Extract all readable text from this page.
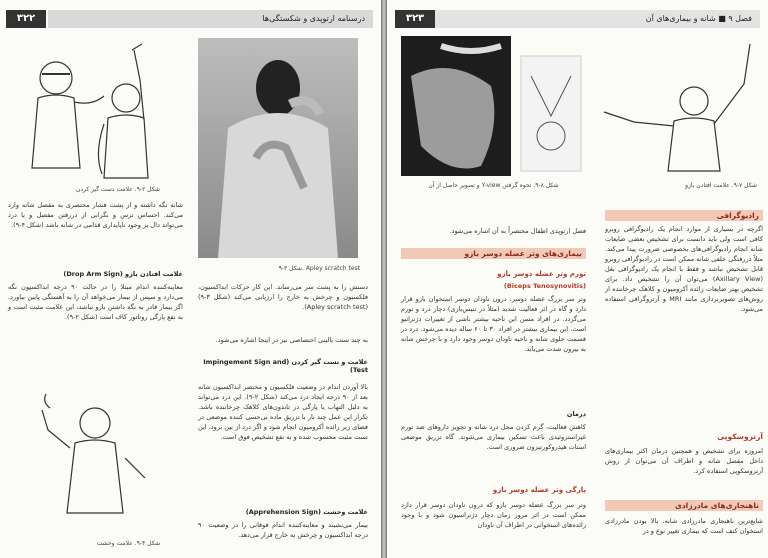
درسنامه ارتوپدی و شکستگی‌ها
۳۲۲
شکل ۲-۹. علامت دست گیر کردن
شکل ۳-۹. Apley scratch test

شانه نگه داشته و از پشت فشار مختصری به مفصل شانه وارد می‌کند. احساس ترس و نگرانی از دررفتن مفصل و یا درد می‌تواند دال بر وجود ناپایداری قدامی در شانه باشد (شکل ۴-۹).

علامت افتادن بازو (Drop Arm Sign)

معاینه‌کننده اندام مبتلا را در حالت ۹۰ درجه ابداکسیون نگه می‌دارد و سپس از بیمار می‌خواهد آن را به آهستگی پایین بیاورد. اگر بیمار قادر به نگه داشتن بازو نباشد، این علامت مثبت است و به نفع پارگی روتاتور کاف است (شکل ۲-۹).

دستش را به پشت سر می‌رساند. این کار حرکات ابداکسیون، فلکسیون و چرخش به خارج را ارزیابی می‌کند (شکل ۳-۹) (Apley scratch test).

به چند تست بالینی اختصاصی نیز در اینجا اشاره می‌شود.

علامت و تست گیر کردن (Impingement Sign and Test)

بالا آوردن اندام در وضعیت فلکسیون و مختصر ابداکسیون شانه بعد از ۹۰ درجه ایجاد درد می‌کند (شکل ۲-۹). این درد می‌تواند به دلیل التهاب یا پارگی در تاندون‌های کلاهک چرخاننده باشد. تکرار این عمل چند بار با تزریق ماده بی‌حسی کننده موضعی در فضای زیر زائده آکرومیون انجام شود و اگر درد از بین برود، این تست مثبت محسوب شده و به نفع تشخیص فوق است.

علامت وحشت (Apprehension Sign)

بیمار می‌نشیند و معاینه‌کننده اندام فوقانی را در وضعیت ۹۰ درجه ابداکسیون و چرخش به خارج قرار می‌دهد.

شکل ۴-۹. علامت وحشت
۳۲۳	فصل ۹ ■ شانه و بیماری‌های آن
شکل ۸-۹. نحوه گرفتن Y-view و تصویر حاصل از آن	شکل ۷-۹. علامت افتادن بازو
رادیوگرافی

اگرچه در بسیاری از موارد انجام یک رادیوگرافی روبرو کافی است ولی باید دانست برای تشخیص بعضی ضایعات شانه انجام رادیوگرافی‌های بخصوصی ضرورت پیدا می‌کند. مثلاً دررفتگی خلفی شانه ممکن است در رادیوگرافی روبرو قابل تشخیص نباشد و فقط با انجام یک رادیوگرافی بغل (Axillary View) می‌توان آن را تشخیص داد. برای تشخیص بهتر ضایعات زائده آکرومیون و کلاهک چرخاننده از روش‌های تصویربرداری مانند MRI و آرتروگرافی استفاده می‌شود.

آرتروسکوپی

امروزه برای تشخیص و همچنین درمان اکثر بیماری‌های داخل مفصل شانه و اطراف آن می‌توان از روش آرتروسکوپی استفاده کرد.

ناهنجاری‌های مادرزادی

شایع‌ترین ناهنجاری مادرزادی شانه، بالا بودن مادرزادی استخوان کتف است که بیماری تغییر نوع و در

فصل ارتوپدی اطفال مختصراً به آن اشاره می‌شود.

بیماری‌های وتر عضله دوسر بازو
تورم وتر عضله دوسر بازو
(Biceps Tenosynovitis)

وتر سر بزرگ عضله دوسر، درون ناودان دوسر استخوان بازو قرار دارد و گاه در اثر فعالیت شدید (مثلاً در تنیس‌بازی) دچار درد و تورم می‌گردد. در افراد مسن این ناحیه بیشتر ناشی از تغییرات دژنراتیو است. این بیماری بیشتر در افراد ۳۰ تا ۶۰ ساله دیده می‌شود. درد در قسمت جلوی شانه و ناحیه ناودان دوسر وجود دارد و با چرخش شانه به بیرون شدت می‌یابد.

درمان

کاهش فعالیت، گرم کردن محل درد شانه و تجویز داروهای ضد تورم غیراستروئیدی باعث تسکین بیماری می‌شوند. گاه تزریق موضعی استات هیدروکورتیزون ضروری است.

پارگی وتر عضله دوسر بازو

وتر سر بزرگ عضله دوسر بازو که درون ناودان دوسر قرار دارد ممکن است در اثر مرور زمان دچار دژنراسیون شود و با وجود زائده‌های استخوانی در اطراف آن ناودان
